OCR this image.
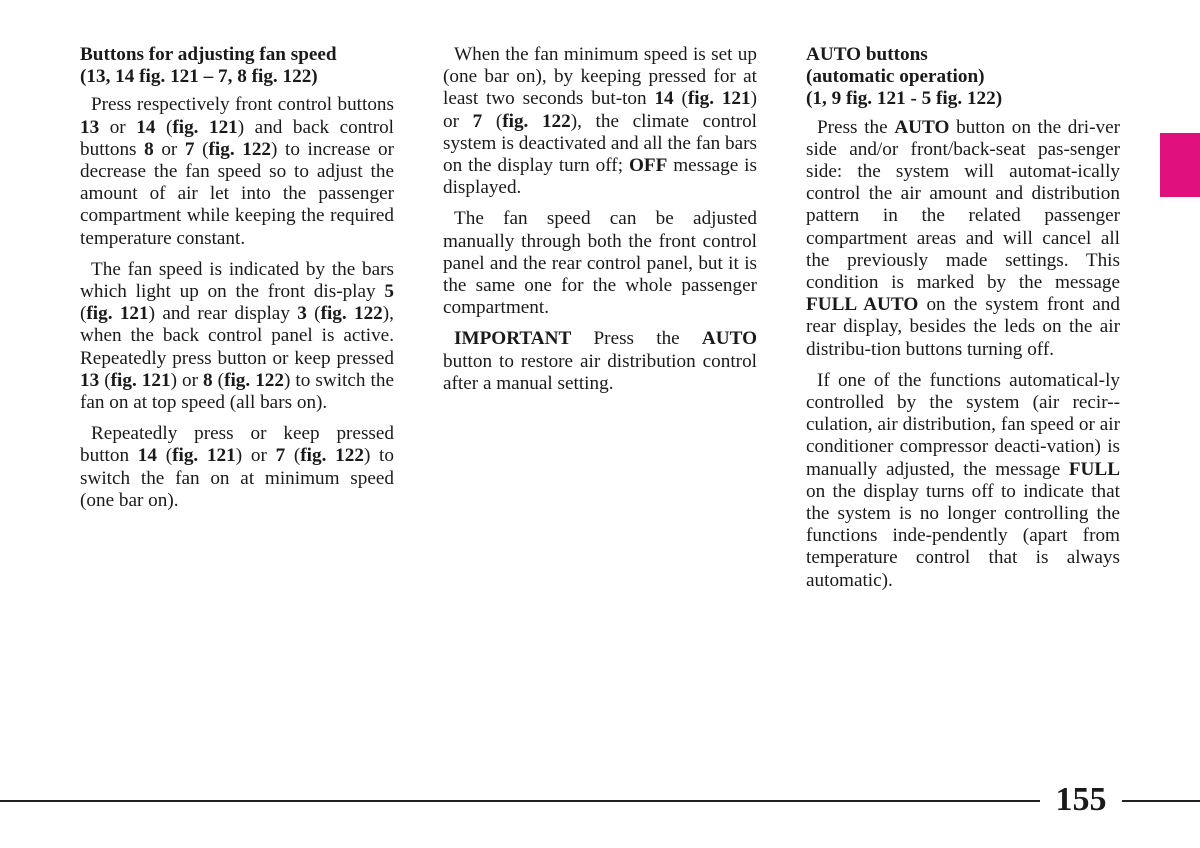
Buttons for adjusting fan speed
(13, 14 fig. 121 – 7, 8 fig. 122)

Press respectively front control buttons 13 or 14 (fig. 121) and back control buttons 8 or 7 (fig. 122) to increase or decrease the fan speed so to adjust the amount of air let into the passenger compartment while keeping the required temperature constant.

The fan speed is indicated by the bars which light up on the front dis-play 5 (fig. 121) and rear display 3 (fig. 122), when the back control panel is active. Repeatedly press button or keep pressed 13 (fig. 121) or 8 (fig. 122) to switch the fan on at top speed (all bars on).

Repeatedly press or keep pressed button 14 (fig. 121) or 7 (fig. 122) to switch the fan on at minimum speed (one bar on).

When the fan minimum speed is set up (one bar on), by keeping pressed for at least two seconds but-ton 14 (fig. 121) or 7 (fig. 122), the climate control system is deactivated and all the fan bars on the display turn off; OFF message is displayed.

The fan speed can be adjusted manually through both the front control panel and the rear control panel, but it is the same one for the whole passenger compartment.

IMPORTANT Press the AUTO button to restore air distribution control after a manual setting.

AUTO buttons
(automatic operation)
(1, 9 fig. 121 - 5 fig. 122)

Press the AUTO button on the dri-ver side and/or front/back-seat pas-senger side: the system will automat-ically control the air amount and distribution pattern in the related passenger compartment areas and will cancel all the previously made settings. This condition is marked by the message FULL AUTO on the system front and rear display, besides the leds on the air distribu-tion buttons turning off.

If one of the functions automatical-ly controlled by the system (air recir-culation, air distribution, fan speed or air conditioner compressor deacti-vation) is manually adjusted, the message FULL on the display turns off to indicate that the system is no longer controlling the functions inde-pendently (apart from temperature control that is always automatic).

155
